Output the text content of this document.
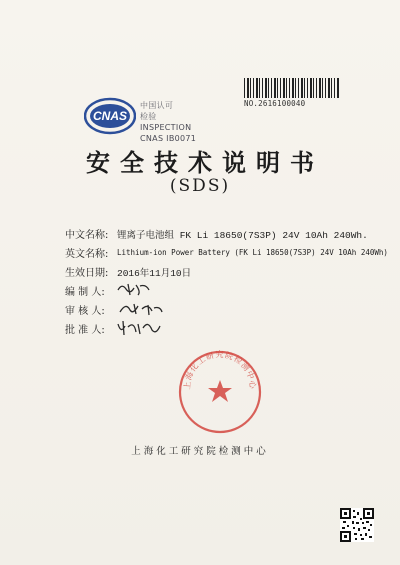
CNAS
中国认可
检验
INSPECTION
CNAS IB0071
NO.2616100040
安全技术说明书
(SDS)
中文名称: 锂离子电池组 FK Li 18650(7S3P) 24V 10Ah 240Wh.
英文名称:	Lithium-ion Power Battery (FK Li 18650(7S3P) 24V 10Ah 240Wh)
生效日期: 2016年11月10日
编 制 人:
审 核 人:
批 准 人:
上海化工研究院检测中心
上海化工研究院检测中心
